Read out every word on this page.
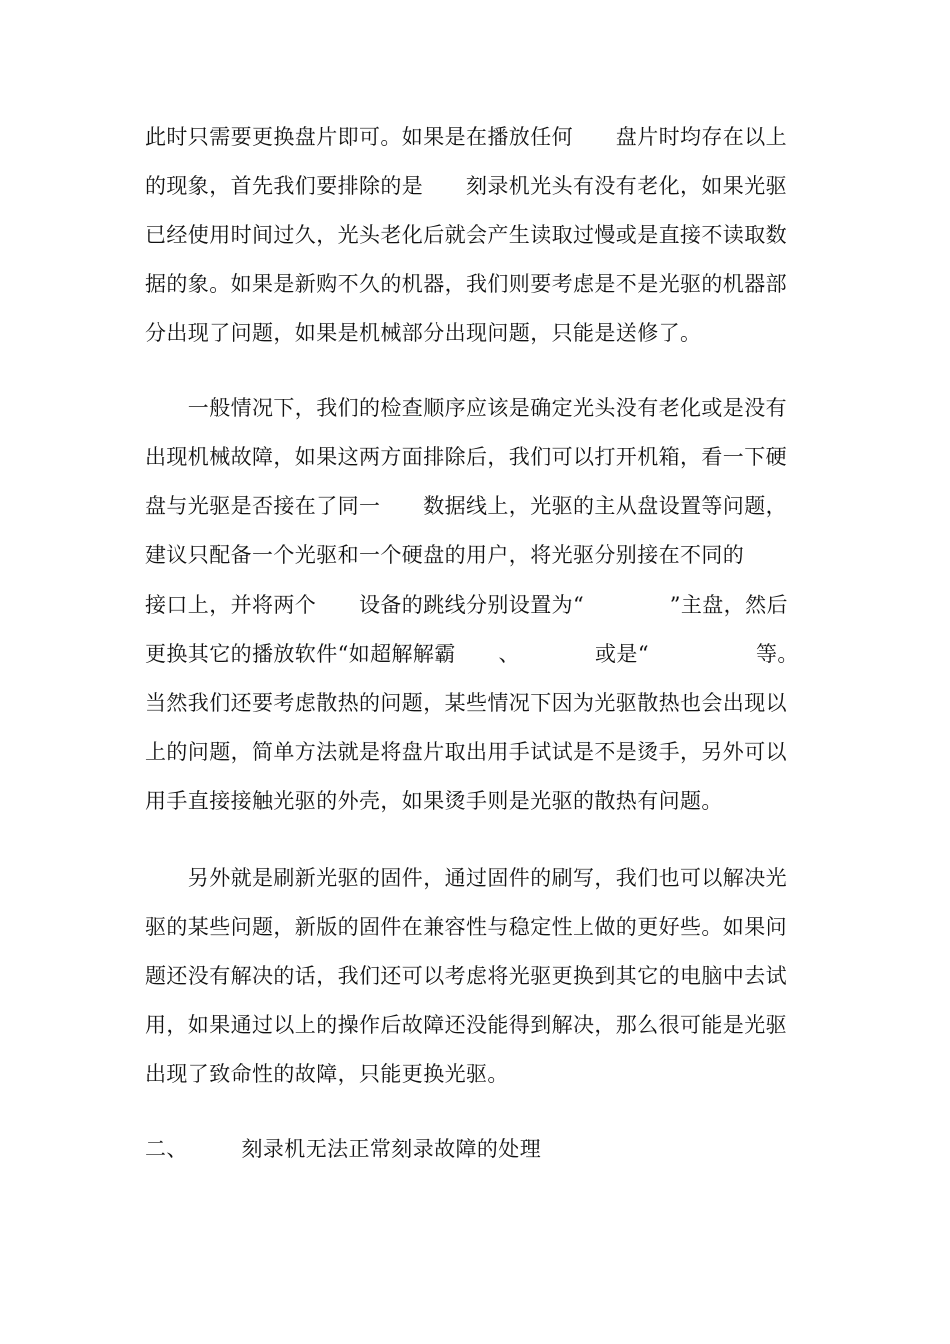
此时只需要更换盘片即可。如果是在播放任何　　盘片时均存在以上
的现象，首先我们要排除的是　　刻录机光头有没有老化，如果光驱
已经使用时间过久，光头老化后就会产生读取过慢或是直接不读取数
据的象。如果是新购不久的机器，我们则要考虑是不是光驱的机器部
分出现了问题，如果是机械部分出现问题，只能是送修了。
　　一般情况下，我们的检查顺序应该是确定光头没有老化或是没有
出现机械故障，如果这两方面排除后，我们可以打开机箱，看一下硬
盘与光驱是否接在了同一　　数据线上，光驱的主从盘设置等问题，
建议只配备一个光驱和一个硬盘的用户，将光驱分别接在不同的
接口上，并将两个　　设备的跳线分别设置为“　　　　”主盘，然后
更换其它的播放软件“如超解解霸　　、　　　　或是“　　　　　等。
当然我们还要考虑散热的问题，某些情况下因为光驱散热也会出现以
上的问题，简单方法就是将盘片取出用手试试是不是烫手，另外可以
用手直接接触光驱的外壳，如果烫手则是光驱的散热有问题。
　　另外就是刷新光驱的固件，通过固件的刷写，我们也可以解决光
驱的某些问题，新版的固件在兼容性与稳定性上做的更好些。如果问
题还没有解决的话，我们还可以考虑将光驱更换到其它的电脑中去试
用，如果通过以上的操作后故障还没能得到解决，那么很可能是光驱
出现了致命性的故障，只能更换光驱。
二、　　　刻录机无法正常刻录故障的处理
